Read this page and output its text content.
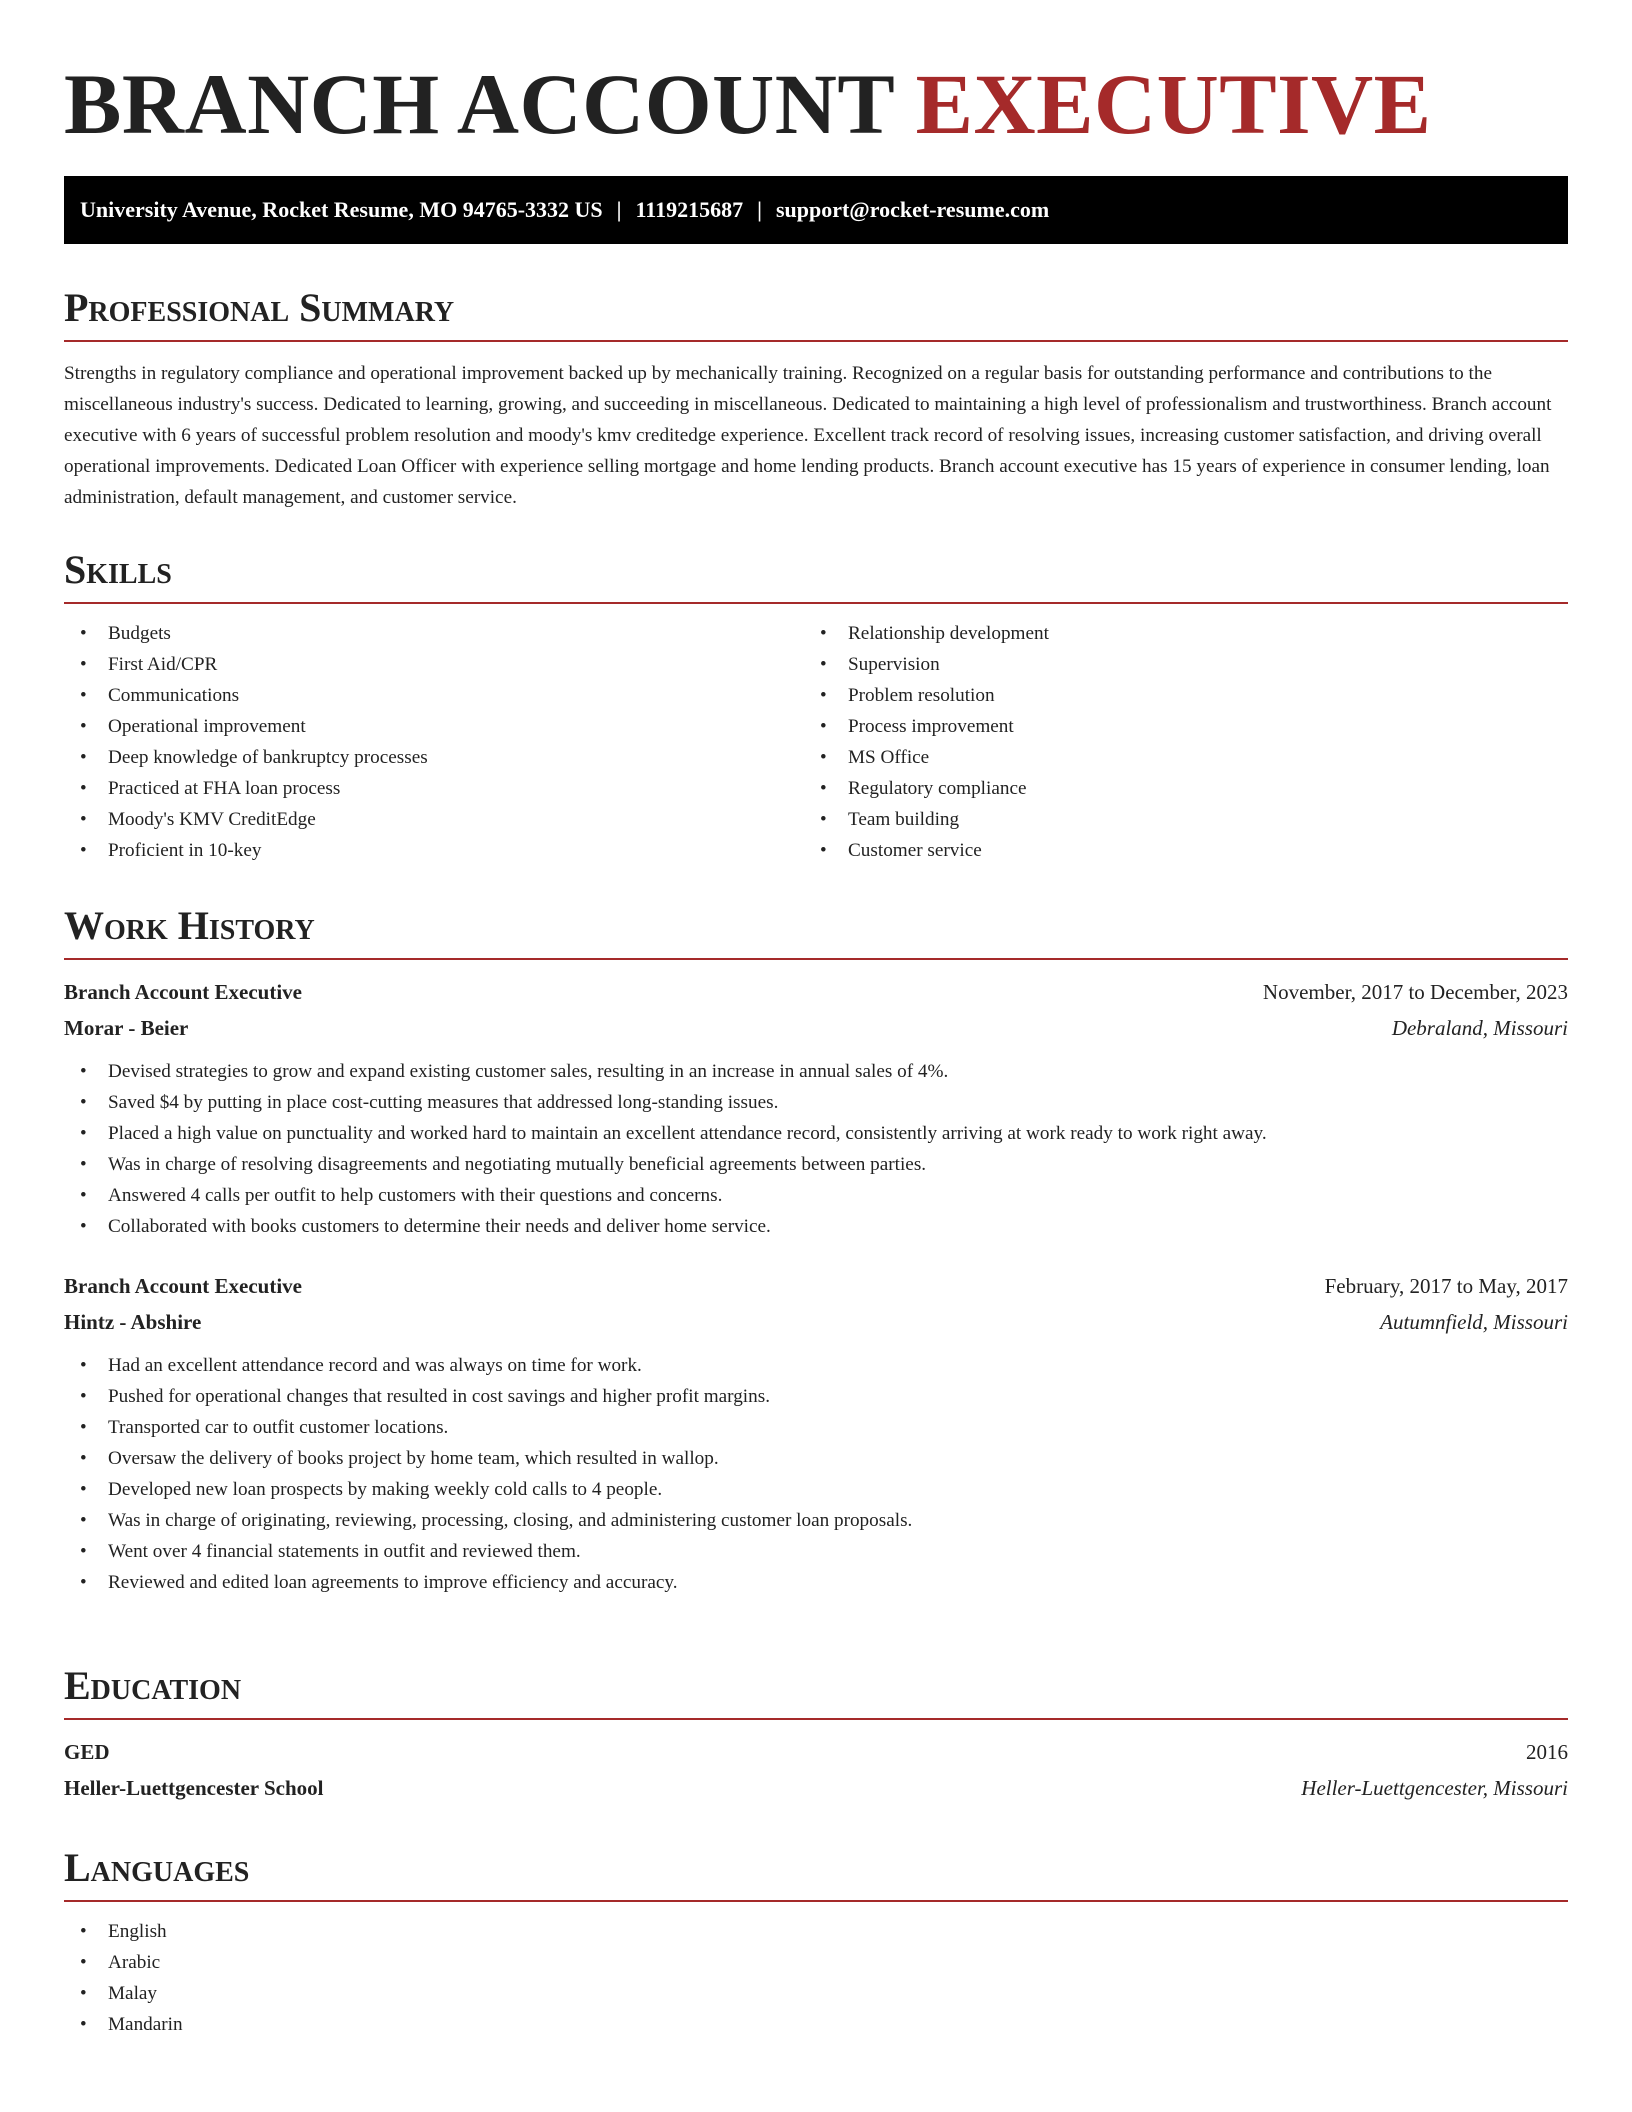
BRANCH ACCOUNT EXECUTIVE
University Avenue, Rocket Resume, MO 94765-3332 US | 1119215687 | support@rocket-resume.com
Professional Summary

Strengths in regulatory compliance and operational improvement backed up by mechanically training. Recognized on a regular basis for outstanding performance and contributions to the miscellaneous industry's success. Dedicated to learning, growing, and succeeding in miscellaneous. Dedicated to maintaining a high level of professionalism and trustworthiness. Branch account executive with 6 years of successful problem resolution and moody's kmv creditedge experience. Excellent track record of resolving issues, increasing customer satisfaction, and driving overall operational improvements. Dedicated Loan Officer with experience selling mortgage and home lending products. Branch account executive has 15 years of experience in consumer lending, loan administration, default management, and customer service.

Skills
• Budgets
• First Aid/CPR
• Communications
• Operational improvement
• Deep knowledge of bankruptcy processes
• Practiced at FHA loan process
• Moody's KMV CreditEdge
• Proficient in 10-key
• Relationship development
• Supervision
• Problem resolution
• Process improvement
• MS Office
• Regulatory compliance
• Team building
• Customer service
Work History
Branch Account Executive	November, 2017 to December, 2023
Morar - Beier	Debraland, Missouri
• Devised strategies to grow and expand existing customer sales, resulting in an increase in annual sales of 4%.
• Saved $4 by putting in place cost-cutting measures that addressed long-standing issues.
• Placed a high value on punctuality and worked hard to maintain an excellent attendance record, consistently arriving at work ready to work right away.
• Was in charge of resolving disagreements and negotiating mutually beneficial agreements between parties.
• Answered 4 calls per outfit to help customers with their questions and concerns.
• Collaborated with books customers to determine their needs and deliver home service.
Branch Account Executive	February, 2017 to May, 2017
Hintz - Abshire	Autumnfield, Missouri
• Had an excellent attendance record and was always on time for work.
• Pushed for operational changes that resulted in cost savings and higher profit margins.
• Transported car to outfit customer locations.
• Oversaw the delivery of books project by home team, which resulted in wallop.
• Developed new loan prospects by making weekly cold calls to 4 people.
• Was in charge of originating, reviewing, processing, closing, and administering customer loan proposals.
• Went over 4 financial statements in outfit and reviewed them.
• Reviewed and edited loan agreements to improve efficiency and accuracy.
Education
GED	2016
Heller-Luettgencester School	Heller-Luettgencester, Missouri
Languages
• English
• Arabic
• Malay
• Mandarin
